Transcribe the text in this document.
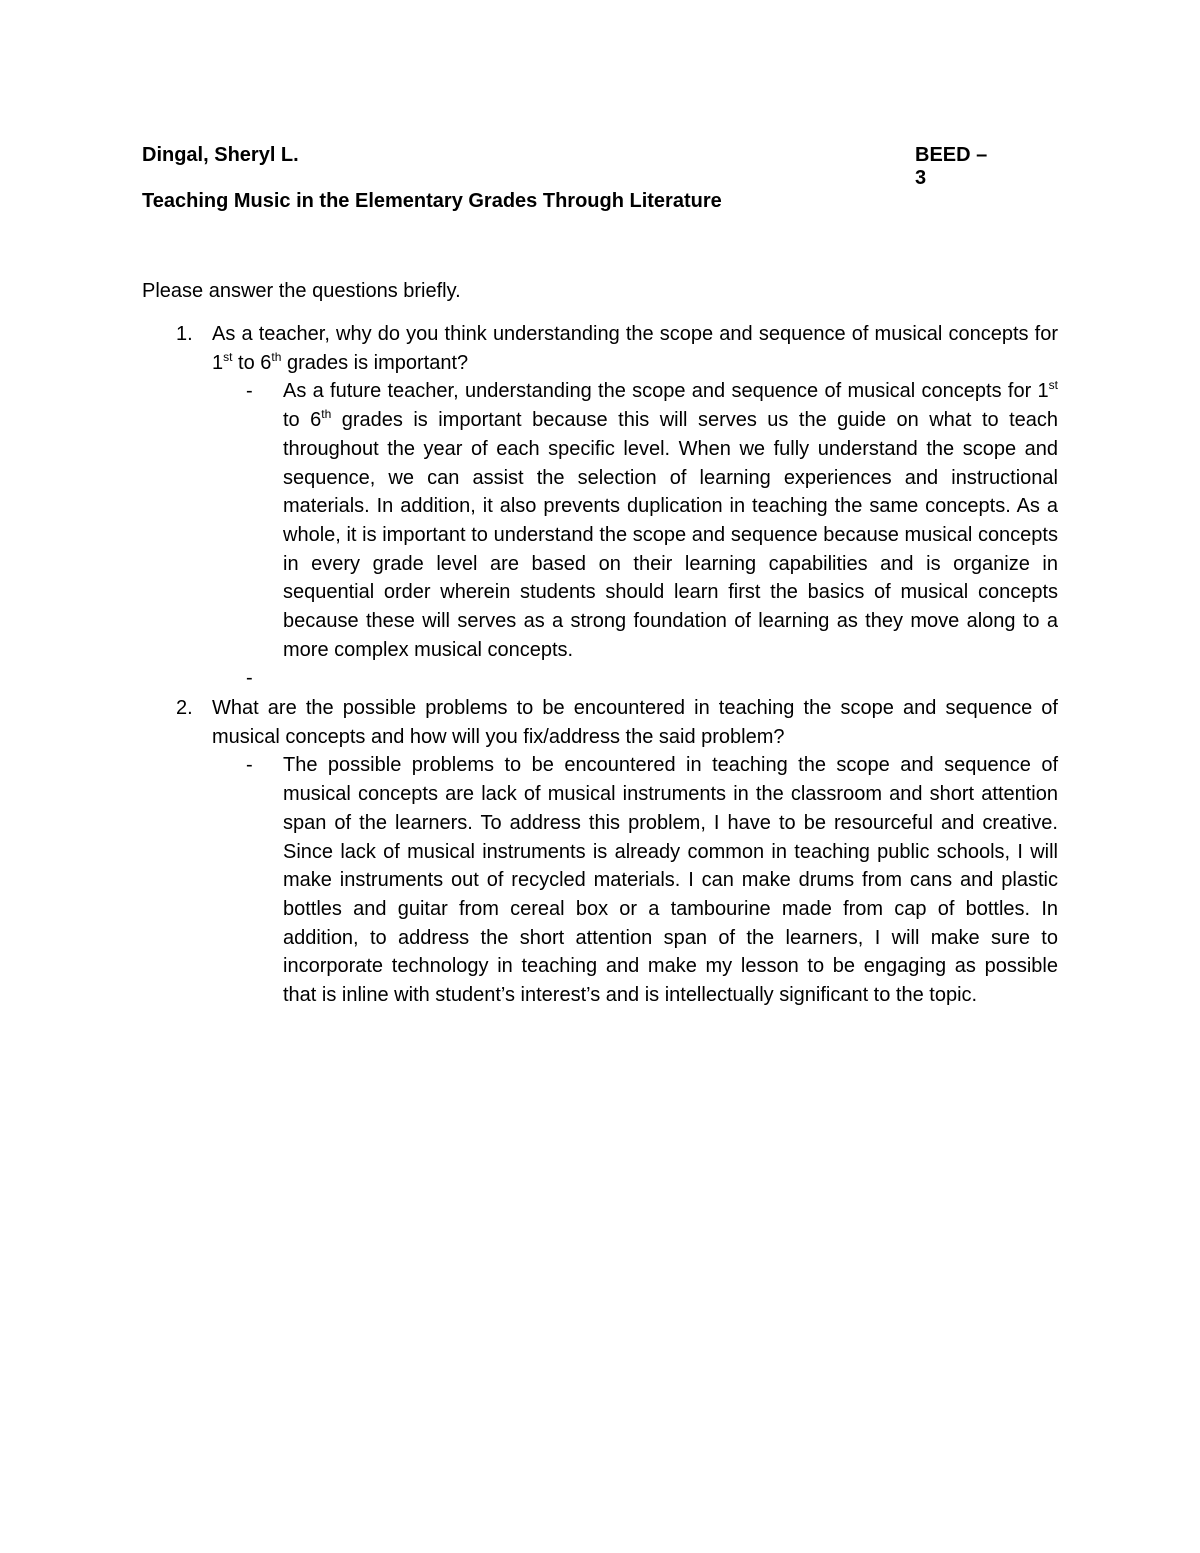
Dingal, Sheryl L.	BEED – 3
Teaching Music in the Elementary Grades Through Literature
Please answer the questions briefly.
1. As a teacher, why do you think understanding the scope and sequence of musical concepts for 1st to 6th grades is important?
- As a future teacher, understanding the scope and sequence of musical concepts for 1st to 6th grades is important because this will serves us the guide on what to teach throughout the year of each specific level. When we fully understand the scope and sequence, we can assist the selection of learning experiences and instructional materials. In addition, it also prevents duplication in teaching the same concepts. As a whole, it is important to understand the scope and sequence because musical concepts in every grade level are based on their learning capabilities and is organize in sequential order wherein students should learn first the basics of musical concepts because these will serves as a strong foundation of learning as they move along to a more complex musical concepts.
-
2. What are the possible problems to be encountered in teaching the scope and sequence of musical concepts and how will you fix/address the said problem?
- The possible problems to be encountered in teaching the scope and sequence of musical concepts are lack of musical instruments in the classroom and short attention span of the learners. To address this problem, I have to be resourceful and creative. Since lack of musical instruments is already common in teaching public schools, I will make instruments out of recycled materials. I can make drums from cans and plastic bottles and guitar from cereal box or a tambourine made from cap of bottles. In addition, to address the short attention span of the learners, I will make sure to incorporate technology in teaching and make my lesson to be engaging as possible that is inline with student’s interest’s and is intellectually significant to the topic.
